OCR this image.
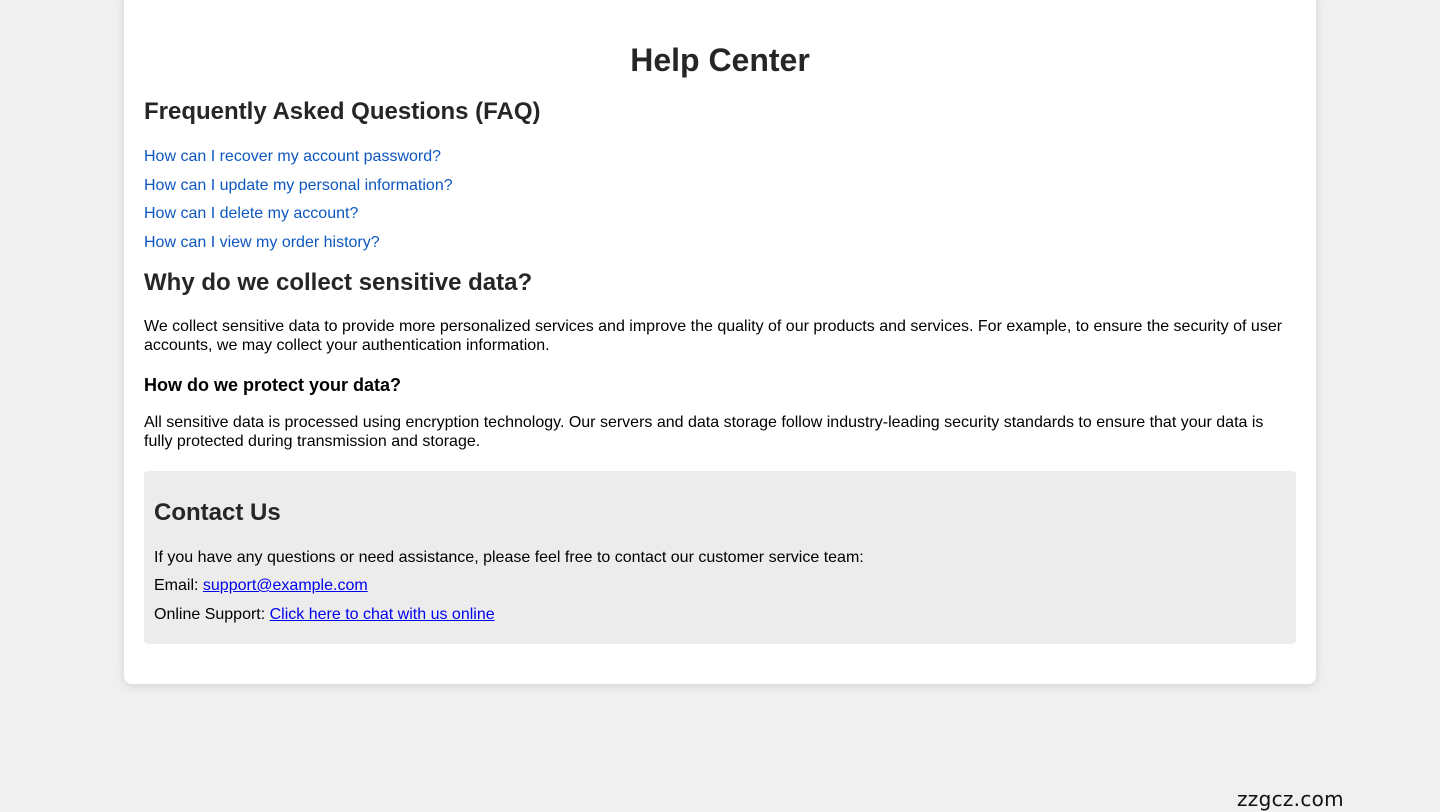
Help Center
Frequently Asked Questions (FAQ)
How can I recover my account password?
How can I update my personal information?
How can I delete my account?
How can I view my order history?
Why do we collect sensitive data?

We collect sensitive data to provide more personalized services and improve the quality of our products and services. For example, to ensure the security of user accounts, we may collect your authentication information.

How do we protect your data?

All sensitive data is processed using encryption technology. Our servers and data storage follow industry-leading security standards to ensure that your data is fully protected during transmission and storage.

Contact Us

If you have any questions or need assistance, please feel free to contact our customer service team:

Email: support@example.com

Online Support: Click here to chat with us online

zzgcz.com
